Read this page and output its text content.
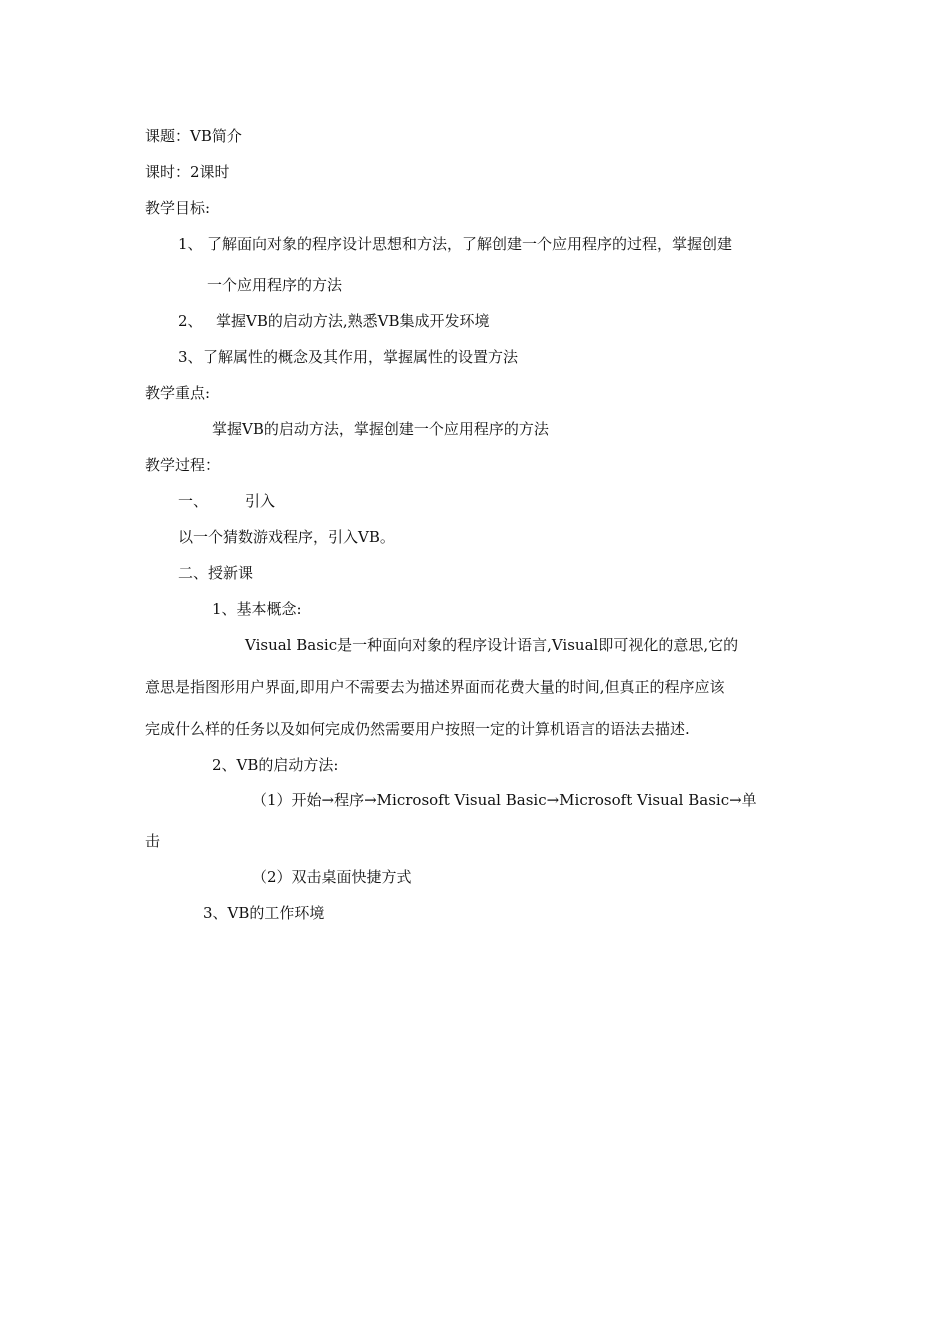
课题：VB简介
课时：2课时
教学目标:
1、 了解面向对象的程序设计思想和方法，了解创建一个应用程序的过程，掌握创建
一个应用程序的方法
2、 掌握VB的启动方法,熟悉VB集成开发环境
3、 了解属性的概念及其作用，掌握属性的设置方法
教学重点:
掌握VB的启动方法，掌握创建一个应用程序的方法
教学过程：
一、 引入
以一个猜数游戏程序，引入VB。
二、授新课
1、基本概念:
Visual Basic是一种面向对象的程序设计语言,Visual即可视化的意思,它的
意思是指图形用户界面,即用户不需要去为描述界面而花费大量的时间,但真正的程序应该
完成什么样的任务以及如何完成仍然需要用户按照一定的计算机语言的语法去描述.
2、VB的启动方法:
（1）开始→程序→Microsoft Visual Basic→Microsoft Visual Basic→单
击
（2）双击桌面快捷方式
3、VB的工作环境
